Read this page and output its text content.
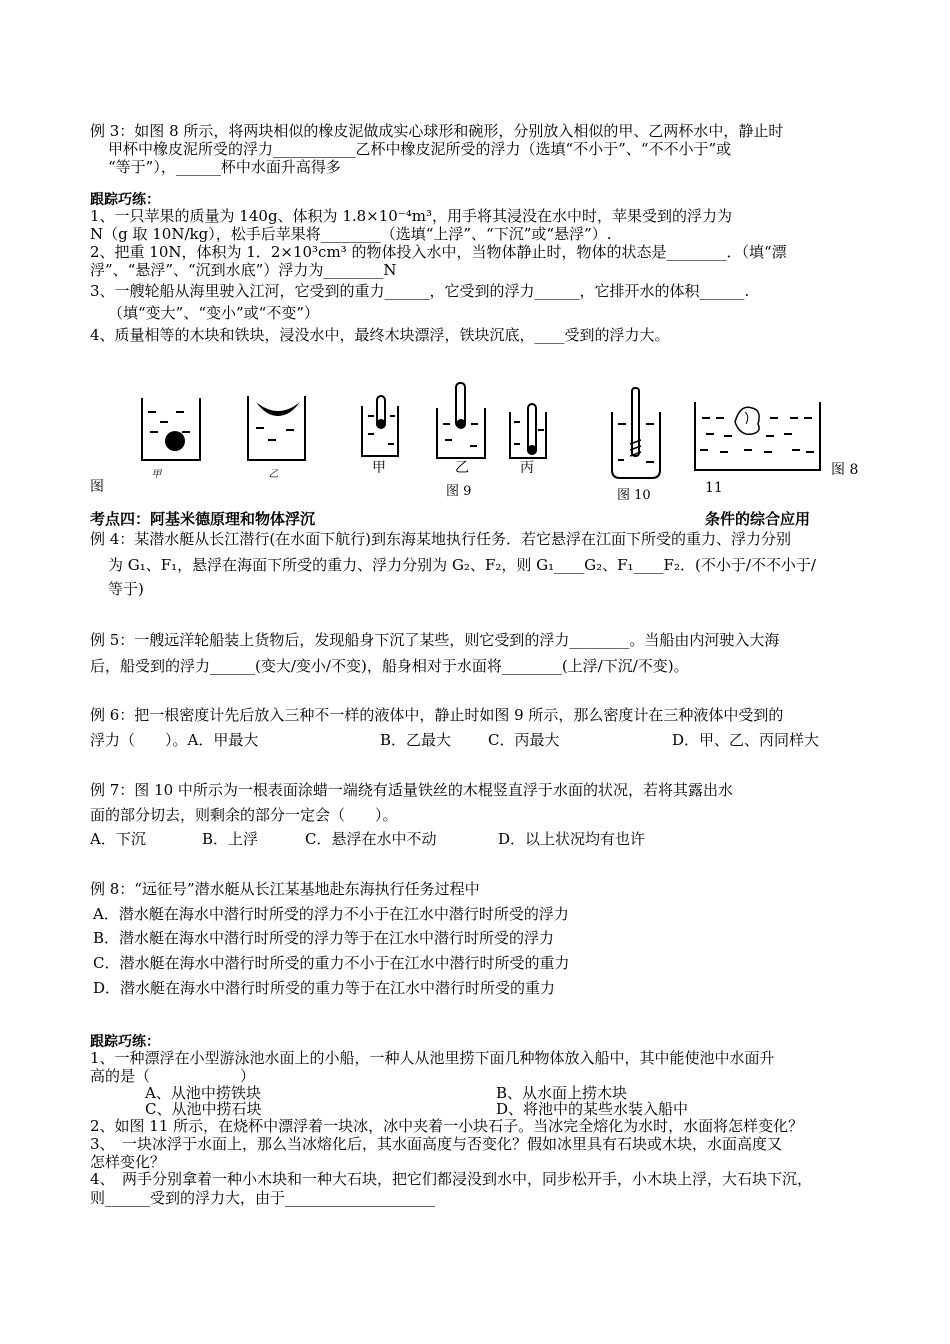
例 3：如图 8 所示，将两块相似的橡皮泥做成实心球形和碗形，分别放入相似的甲、乙两杯水中，静止时
甲杯中橡皮泥所受的浮力___________乙杯中橡皮泥所受的浮力（选填“不小于”、“不不小于”或
“等于”），______杯中水面升高得多
跟踪巧练：
1、一只苹果的质量为 140g、体积为 1.8×10⁻⁴m³，用手将其浸没在水中时，苹果受到的浮力为
N（g 取 10N/kg），松手后苹果将________（选填“上浮”、“下沉”或“悬浮”）.
2、把重 10N，体积为 1．2×10³cm³ 的物体投入水中，当物体静止时，物体的状态是________．（填“漂
浮”、“悬浮”、“沉到水底”）浮力为________N
3、一艘轮船从海里驶入江河，它受到的重力______，它受到的浮力______，它排开水的体积______.
（填“变大”、“变小”或“不变”）
4、质量相等的木块和铁块，浸没水中，最终木块漂浮，铁块沉底，____受到的浮力大。
甲	乙	甲	乙	丙	图 8
图	图 9	图 10	11
考点四：阿基米德原理和物体浮沉	条件的综合应用
例 4：某潜水艇从长江潜行(在水面下航行)到东海某地执行任务．若它悬浮在江面下所受的重力、浮力分别
为 G₁、F₁，悬浮在海面下所受的重力、浮力分别为 G₂、F₂，则 G₁____G₂、F₁____F₂．(不小于/不不小于/
等于)
例 5：一艘远洋轮船装上货物后，发现船身下沉了某些，则它受到的浮力________。当船由内河驶入大海
后，船受到的浮力______(变大/变小/不变)，船身相对于水面将________(上浮/下沉/不变)。
例 6：把一根密度计先后放入三种不一样的液体中，静止时如图 9 所示，那么密度计在三种液体中受到的
浮力（　　）。A．甲最大	B．乙最大 C．丙最大	D．甲、乙、丙同样大
例 7：图 10 中所示为一根表面涂蜡一端绕有适量铁丝的木棍竖直浮于水面的状况，若将其露出水
面的部分切去，则剩余的部分一定会（　　）。
A．下沉	B．上浮	C．悬浮在水中不动	D．以上状况均有也许
例 8：“远征号”潜水艇从长江某基地赴东海执行任务过程中
A．潜水艇在海水中潜行时所受的浮力不小于在江水中潜行时所受的浮力
B．潜水艇在海水中潜行时所受的浮力等于在江水中潜行时所受的浮力
C．潜水艇在海水中潜行时所受的重力不小于在江水中潜行时所受的重力
D．潜水艇在海水中潜行时所受的重力等于在江水中潜行时所受的重力
跟踪巧练：
1、一种漂浮在小型游泳池水面上的小船，一种人从池里捞下面几种物体放入船中，其中能使池中水面升
高的是（　　　　　　）
A、从池中捞铁块	B、从水面上捞木块
C、从池中捞石块	D、将池中的某些水装入船中
2、如图 11 所示，在烧杯中漂浮着一块冰，冰中夹着一小块石子。当冰完全熔化为水时，水面将怎样变化？
3、　一块冰浮于水面上，那么当冰熔化后，其水面高度与否变化？假如冰里具有石块或木块，水面高度又
怎样变化？
4、　两手分别拿着一种小木块和一种大石块，把它们都浸没到水中，同步松开手，小木块上浮，大石块下沉，
则______受到的浮力大，由于____________________
